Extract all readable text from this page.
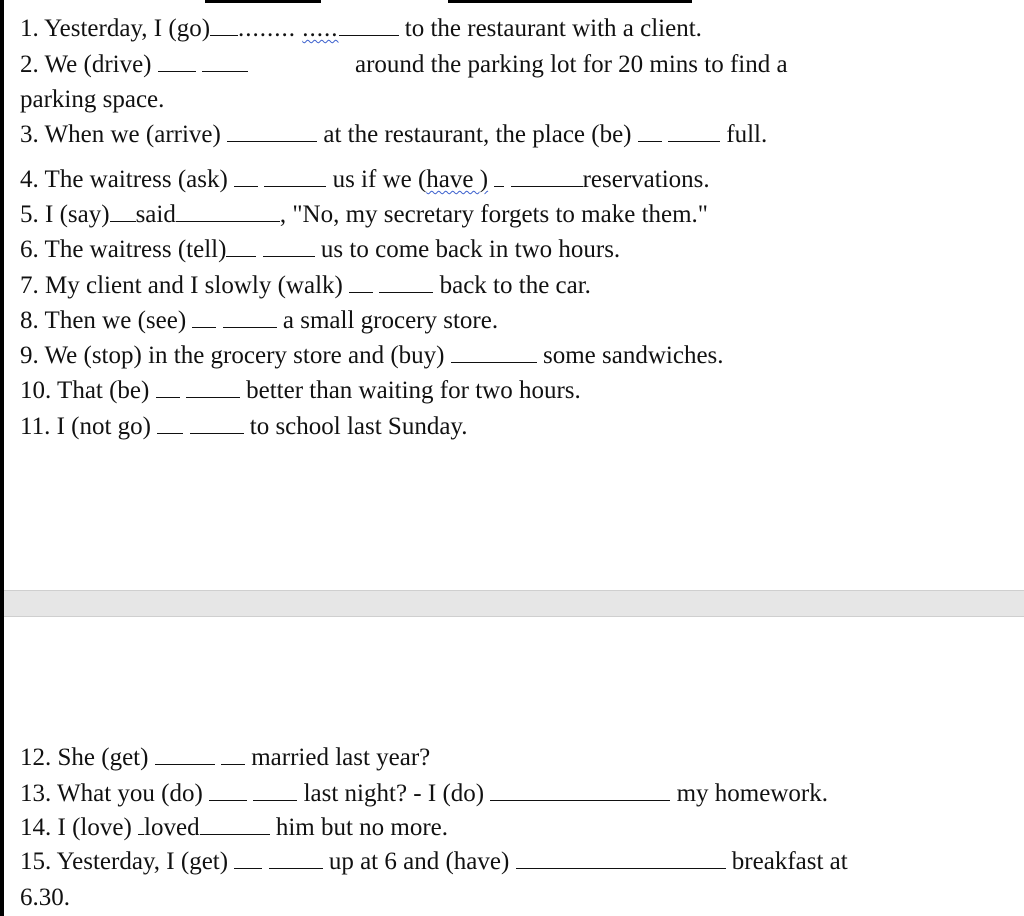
1. Yesterday, I (go) ........ ..... to the restaurant with a client.
2. We (drive)	around the parking lot for 20 mins to find a
parking space.
3. When we (arrive)	at the restaurant, the place (be)	full.
4. The waitress (ask)	us if we (have )	reservations.
5. I (say) said	, "No, my secretary forgets to make them."
6. The waitress (tell)	us to come back in two hours.
7. My client and I slowly (walk)	back to the car.
8. Then we (see)	a small grocery store.
9. We (stop) in the grocery store and (buy)	some sandwiches.
10. That (be)	better than waiting for two hours.
11. I (not go)	to school last Sunday.
12. She (get)	married last year?
13. What you (do)	last night? - I (do)	my homework.
14. I (love) loved	him but no more.
15. Yesterday, I (get)	up at 6 and (have)	breakfast at
6.30.
